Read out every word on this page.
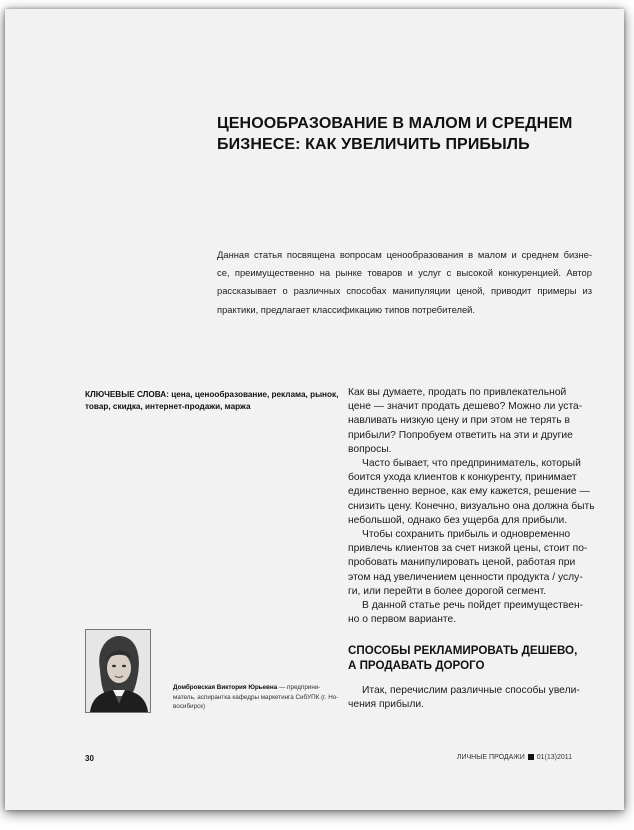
ЦЕНООБРАЗОВАНИЕ В МАЛОМ И СРЕДНЕМ
БИЗНЕСЕ: КАК УВЕЛИЧИТЬ ПРИБЫЛЬ
Данная статья посвящена вопросам ценообразования в малом и среднем бизне-
се, преимущественно на рынке товаров и услуг с высокой конкуренцией. Автор
рассказывает о различных способах манипуляции ценой, приводит примеры из
практики, предлагает классификацию типов потребителей.
КЛЮЧЕВЫЕ СЛОВА: цена, ценообразование, реклама, рынок,
товар, скидка, интернет-продажи, маржа
Как вы думаете, продать по привлекательной
цене — значит продать дешево? Можно ли уста-
навливать низкую цену и при этом не терять в
прибыли? Попробуем ответить на эти и другие
вопросы.
Часто бывает, что предприниматель, который
боится ухода клиентов к конкуренту, принимает
единственно верное, как ему кажется, решение —
снизить цену. Конечно, визуально она должна быть
небольшой, однако без ущерба для прибыли.
Чтобы сохранить прибыль и одновременно
привлечь клиентов за счет низкой цены, стоит по-
пробовать манипулировать ценой, работая при
этом над увеличением ценности продукта / услу-
ги, или перейти в более дорогой сегмент.
В данной статье речь пойдет преимуществен-
но о первом варианте.
СПОСОБЫ РЕКЛАМИРОВАТЬ ДЕШЕВО,
А ПРОДАВАТЬ ДОРОГО
Итак, перечислим различные способы увели-
чения прибыли.
Домбровская Виктория Юрьевна — предприни-
матель, аспирантка кафедры маркетинга СибУПК (г. Но-
восибирск)
30	ЛИЧНЫЕ ПРОДАЖИ 01(13)2011
